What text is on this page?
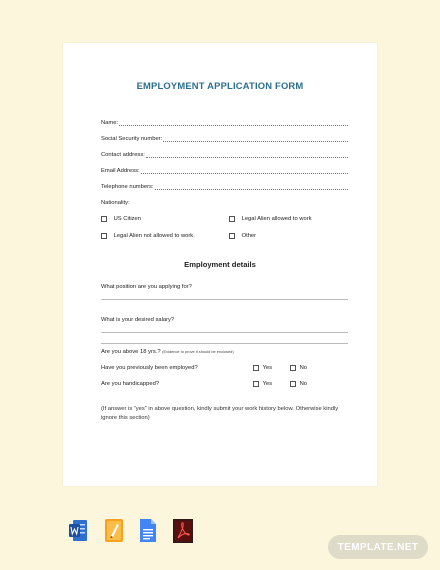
EMPLOYMENT APPLICATION FORM
Name:
Social Security number:
Contact address:
Email Address:
Telephone numbers:
Nationality:
US Citizen	Legal Alien allowed to work
Legal Alien not allowed to work.	Other
Employment details
What position are you applying for?
What is your desired salary?
Are you above 18 yrs.? (Evidence to prove it should be enclosed)
Have you previously been employed?	Yes	No
Are you handicapped?	Yes	No
(If answer is “yes” in above question, kindly submit your work history below. Otherwise kindly ignore this section)
TEMPLATE.NET
